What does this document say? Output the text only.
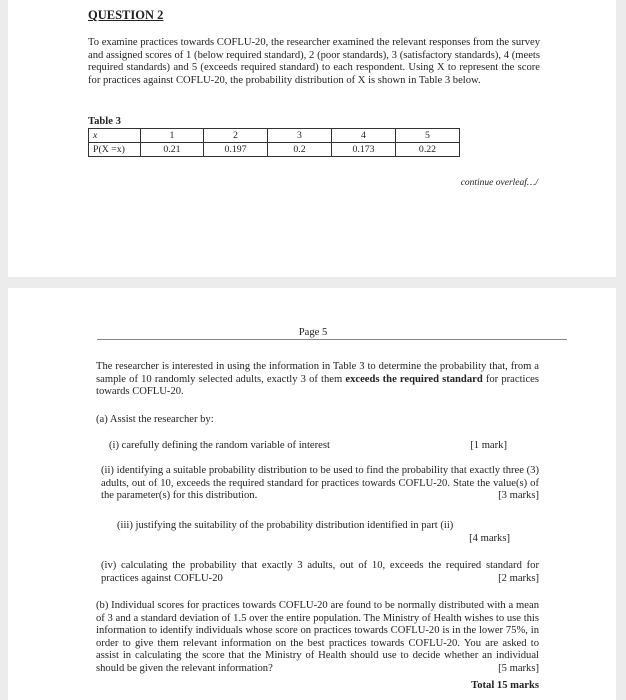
QUESTION 2
To examine practices towards COFLU-20, the researcher examined the relevant responses from the survey and assigned scores of 1 (below required standard), 2 (poor standards), 3 (satisfactory standards), 4 (meets required standards) and 5 (exceeds required standard) to each respondent. Using X to represent the score for practices against COFLU-20, the probability distribution of X is shown in Table 3 below.
Table 3
x	1	2	3	4	5
P(X =x)	0.21	0.197	0.2	0.173	0.22
continue overleaf…/
Page 5
The researcher is interested in using the information in Table 3 to determine the probability that, from a sample of 10 randomly selected adults, exactly 3 of them exceeds the required standard for practices towards COFLU-20.
(a) Assist the researcher by:
(i) carefully defining the random variable of interest	[1 mark]
(ii) identifying a suitable probability distribution to be used to find the probability that exactly three (3) adults, out of 10, exceeds the required standard for practices towards COFLU-20. State the value(s) of the parameter(s) for this distribution.	[3 marks]
(iii) justifying the suitability of the probability distribution identified in part (ii)
[4 marks]
(iv) calculating the probability that exactly 3 adults, out of 10, exceeds the required standard for practices against COFLU-20	[2 marks]
(b) Individual scores for practices towards COFLU-20 are found to be normally distributed with a mean of 3 and a standard deviation of 1.5 over the entire population. The Ministry of Health wishes to use this information to identify individuals whose score on practices towards COFLU-20 is in the lower 75%, in order to give them relevant information on the best practices towards COFLU-20. You are asked to assist in calculating the score that the Ministry of Health should use to decide whether an individual should be given the relevant information?	[5 marks]
Total 15 marks
